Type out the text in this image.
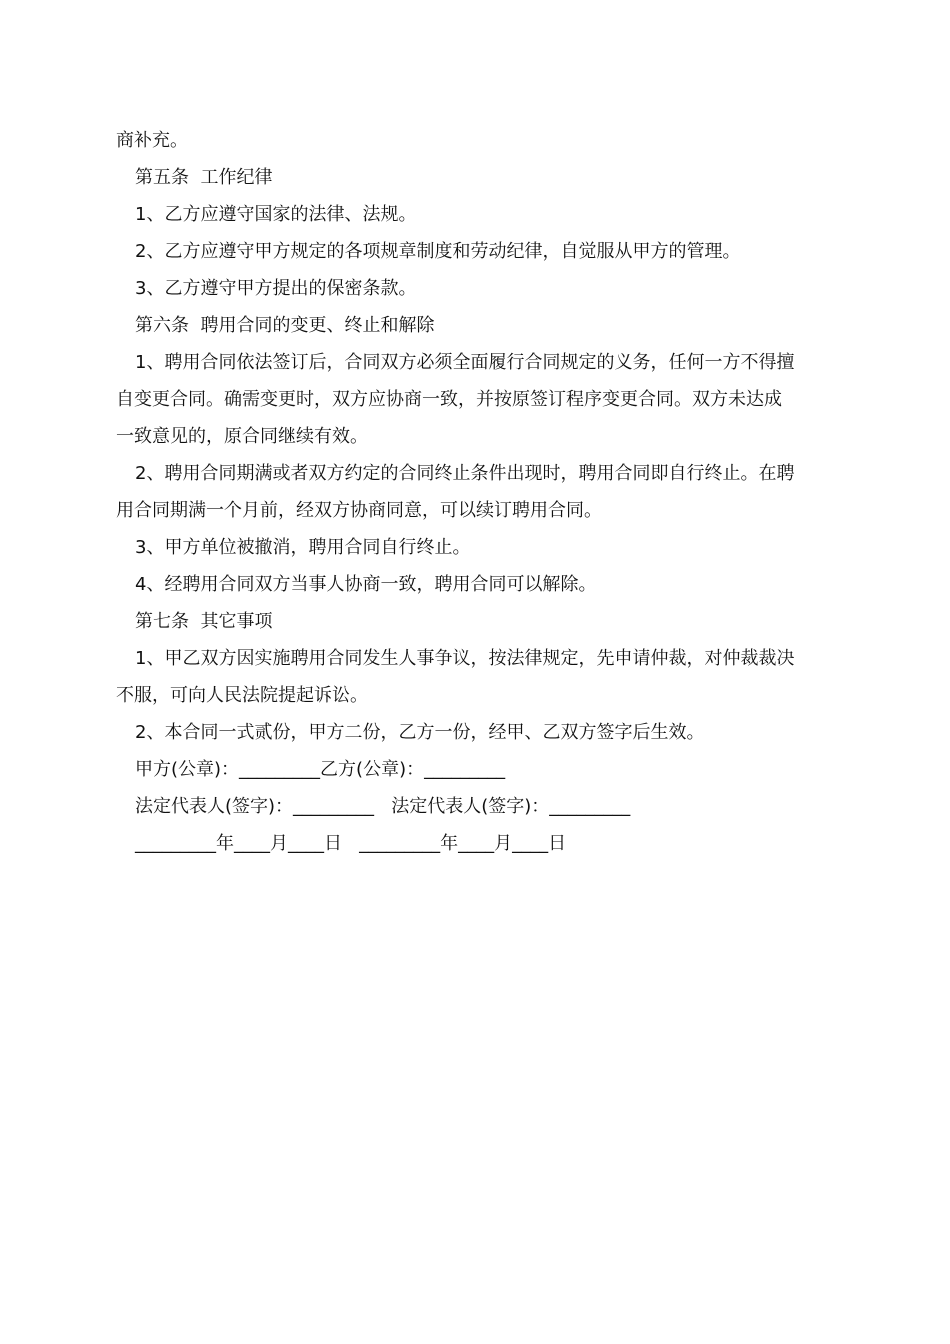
商补充。
第五条  工作纪律
1、乙方应遵守国家的法律、法规。
2、乙方应遵守甲方规定的各项规章制度和劳动纪律，自觉服从甲方的管理。
3、乙方遵守甲方提出的保密条款。
第六条  聘用合同的变更、终止和解除
1、聘用合同依法签订后，合同双方必须全面履行合同规定的义务，任何一方不得擅
自变更合同。确需变更时，双方应协商一致，并按原签订程序变更合同。双方未达成
一致意见的，原合同继续有效。
2、聘用合同期满或者双方约定的合同终止条件出现时，聘用合同即自行终止。在聘
用合同期满一个月前，经双方协商同意，可以续订聘用合同。
3、甲方单位被撤消，聘用合同自行终止。
4、经聘用合同双方当事人协商一致，聘用合同可以解除。
第七条  其它事项
1、甲乙双方因实施聘用合同发生人事争议，按法律规定，先申请仲裁，对仲裁裁决
不服，可向人民法院提起诉讼。
2、本合同一式贰份，甲方二份，乙方一份，经甲、乙双方签字后生效。
甲方(公章)：_________乙方(公章)：_________
法定代表人(签字)：_________   法定代表人(签字)：_________
_________年____月____日   _________年____月____日
